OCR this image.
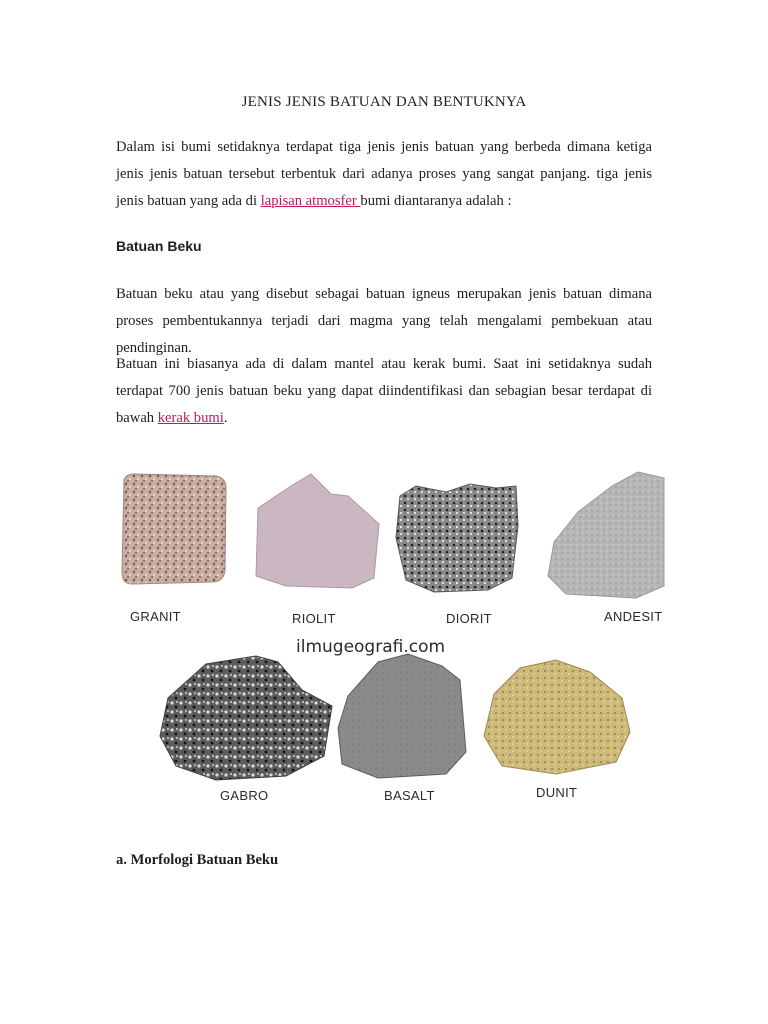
JENIS JENIS BATUAN DAN BENTUKNYA
Dalam isi bumi setidaknya terdapat tiga jenis jenis batuan yang berbeda dimana ketiga jenis jenis batuan tersebut terbentuk dari adanya proses yang sangat panjang. tiga jenis jenis batuan yang ada di lapisan atmosfer bumi diantaranya adalah :
Batuan Beku
Batuan beku atau yang disebut sebagai batuan igneus merupakan jenis batuan dimana proses pembentukannya terjadi dari magma yang telah mengalami pembekuan atau pendinginan.
Batuan ini biasanya ada di dalam mantel atau kerak bumi. Saat ini setidaknya sudah terdapat 700 jenis batuan beku yang dapat diindentifikasi dan sebagian besar terdapat di bawah kerak bumi.
GRANIT	RIOLIT	DIORIT	ANDESIT
ilmugeografi.com
GABRO	BASALT	DUNIT
a. Morfologi Batuan Beku
